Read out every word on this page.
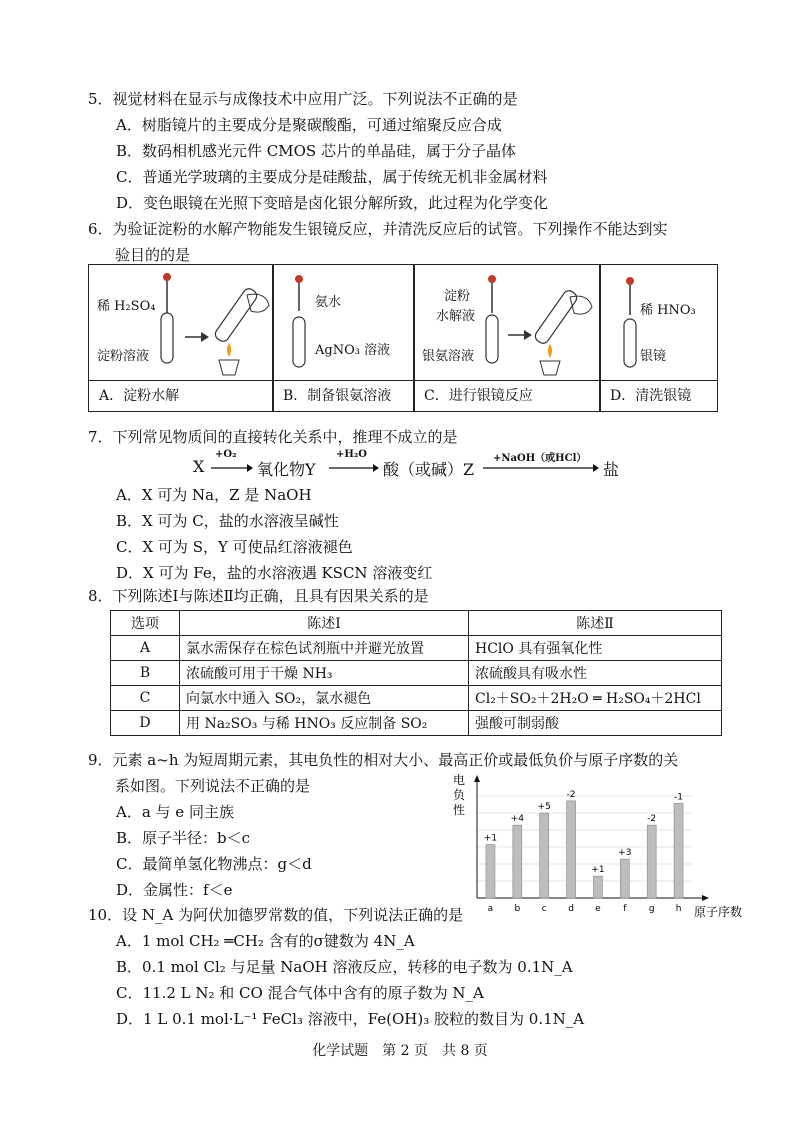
5．视觉材料在显示与成像技术中应用广泛。下列说法不正确的是
A．树脂镜片的主要成分是聚碳酸酯，可通过缩聚反应合成
B．数码相机感光元件 CMOS 芯片的单晶硅，属于分子晶体
C．普通光学玻璃的主要成分是硅酸盐，属于传统无机非金属材料
D．变色眼镜在光照下变暗是卤化银分解所致，此过程为化学变化
6．为验证淀粉的水解产物能发生银镜反应，并清洗反应后的试管。下列操作不能达到实
验目的的是
稀 H₂SO₄
淀粉溶液
A．淀粉水解
氨水
AgNO₃ 溶液
B．制备银氨溶液
淀粉
水解液
银氨溶液
C．进行银镜反应
稀 HNO₃
银镜
D．清洗银镜
7．下列常见物质间的直接转化关系中，推理不成立的是
X
+O₂
氧化物Y
+H₂O
酸（或碱）Z
+NaOH（或HCl）
盐
A．X 可为 Na，Z 是 NaOH
B．X 可为 C，盐的水溶液呈碱性
C．X 可为 S，Y 可使品红溶液褪色
D．X 可为 Fe，盐的水溶液遇 KSCN 溶液变红
8．下列陈述Ⅰ与陈述Ⅱ均正确，且具有因果关系的是
选项	陈述Ⅰ	陈述Ⅱ
A	氯水需保存在棕色试剂瓶中并避光放置	HClO 具有强氧化性
B	浓硫酸可用于干燥 NH₃	浓硫酸具有吸水性
C	向氯水中通入 SO₂，氯水褪色	Cl₂＋SO₂＋2H₂O ═ H₂SO₄＋2HCl
D	用 Na₂SO₃ 与稀 HNO₃ 反应制备 SO₂	强酸可制弱酸
9．元素 a~h 为短周期元素，其电负性的相对大小、最高正价或最低负价与原子序数的关
系如图。下列说法不正确的是
A．a 与 e 同主族
B．原子半径：b＜c
C．最简单氢化物沸点：g＜d
D．金属性：f＜e
电
负
性
原子序数
+1
a
+4
b
+5
c
-2
d
+1
e
+3
f
-2
g
-1
h
10．设 N_A 为阿伏加德罗常数的值，下列说法正确的是
A．1 mol CH₂ ═CH₂ 含有的σ键数为 4N_A
B．0.1 mol Cl₂ 与足量 NaOH 溶液反应，转移的电子数为 0.1N_A
C．11.2 L N₂ 和 CO 混合气体中含有的原子数为 N_A
D．1 L 0.1 mol·L⁻¹ FeCl₃ 溶液中，Fe(OH)₃ 胶粒的数目为 0.1N_A
化学试题　第 2 页　共 8 页
